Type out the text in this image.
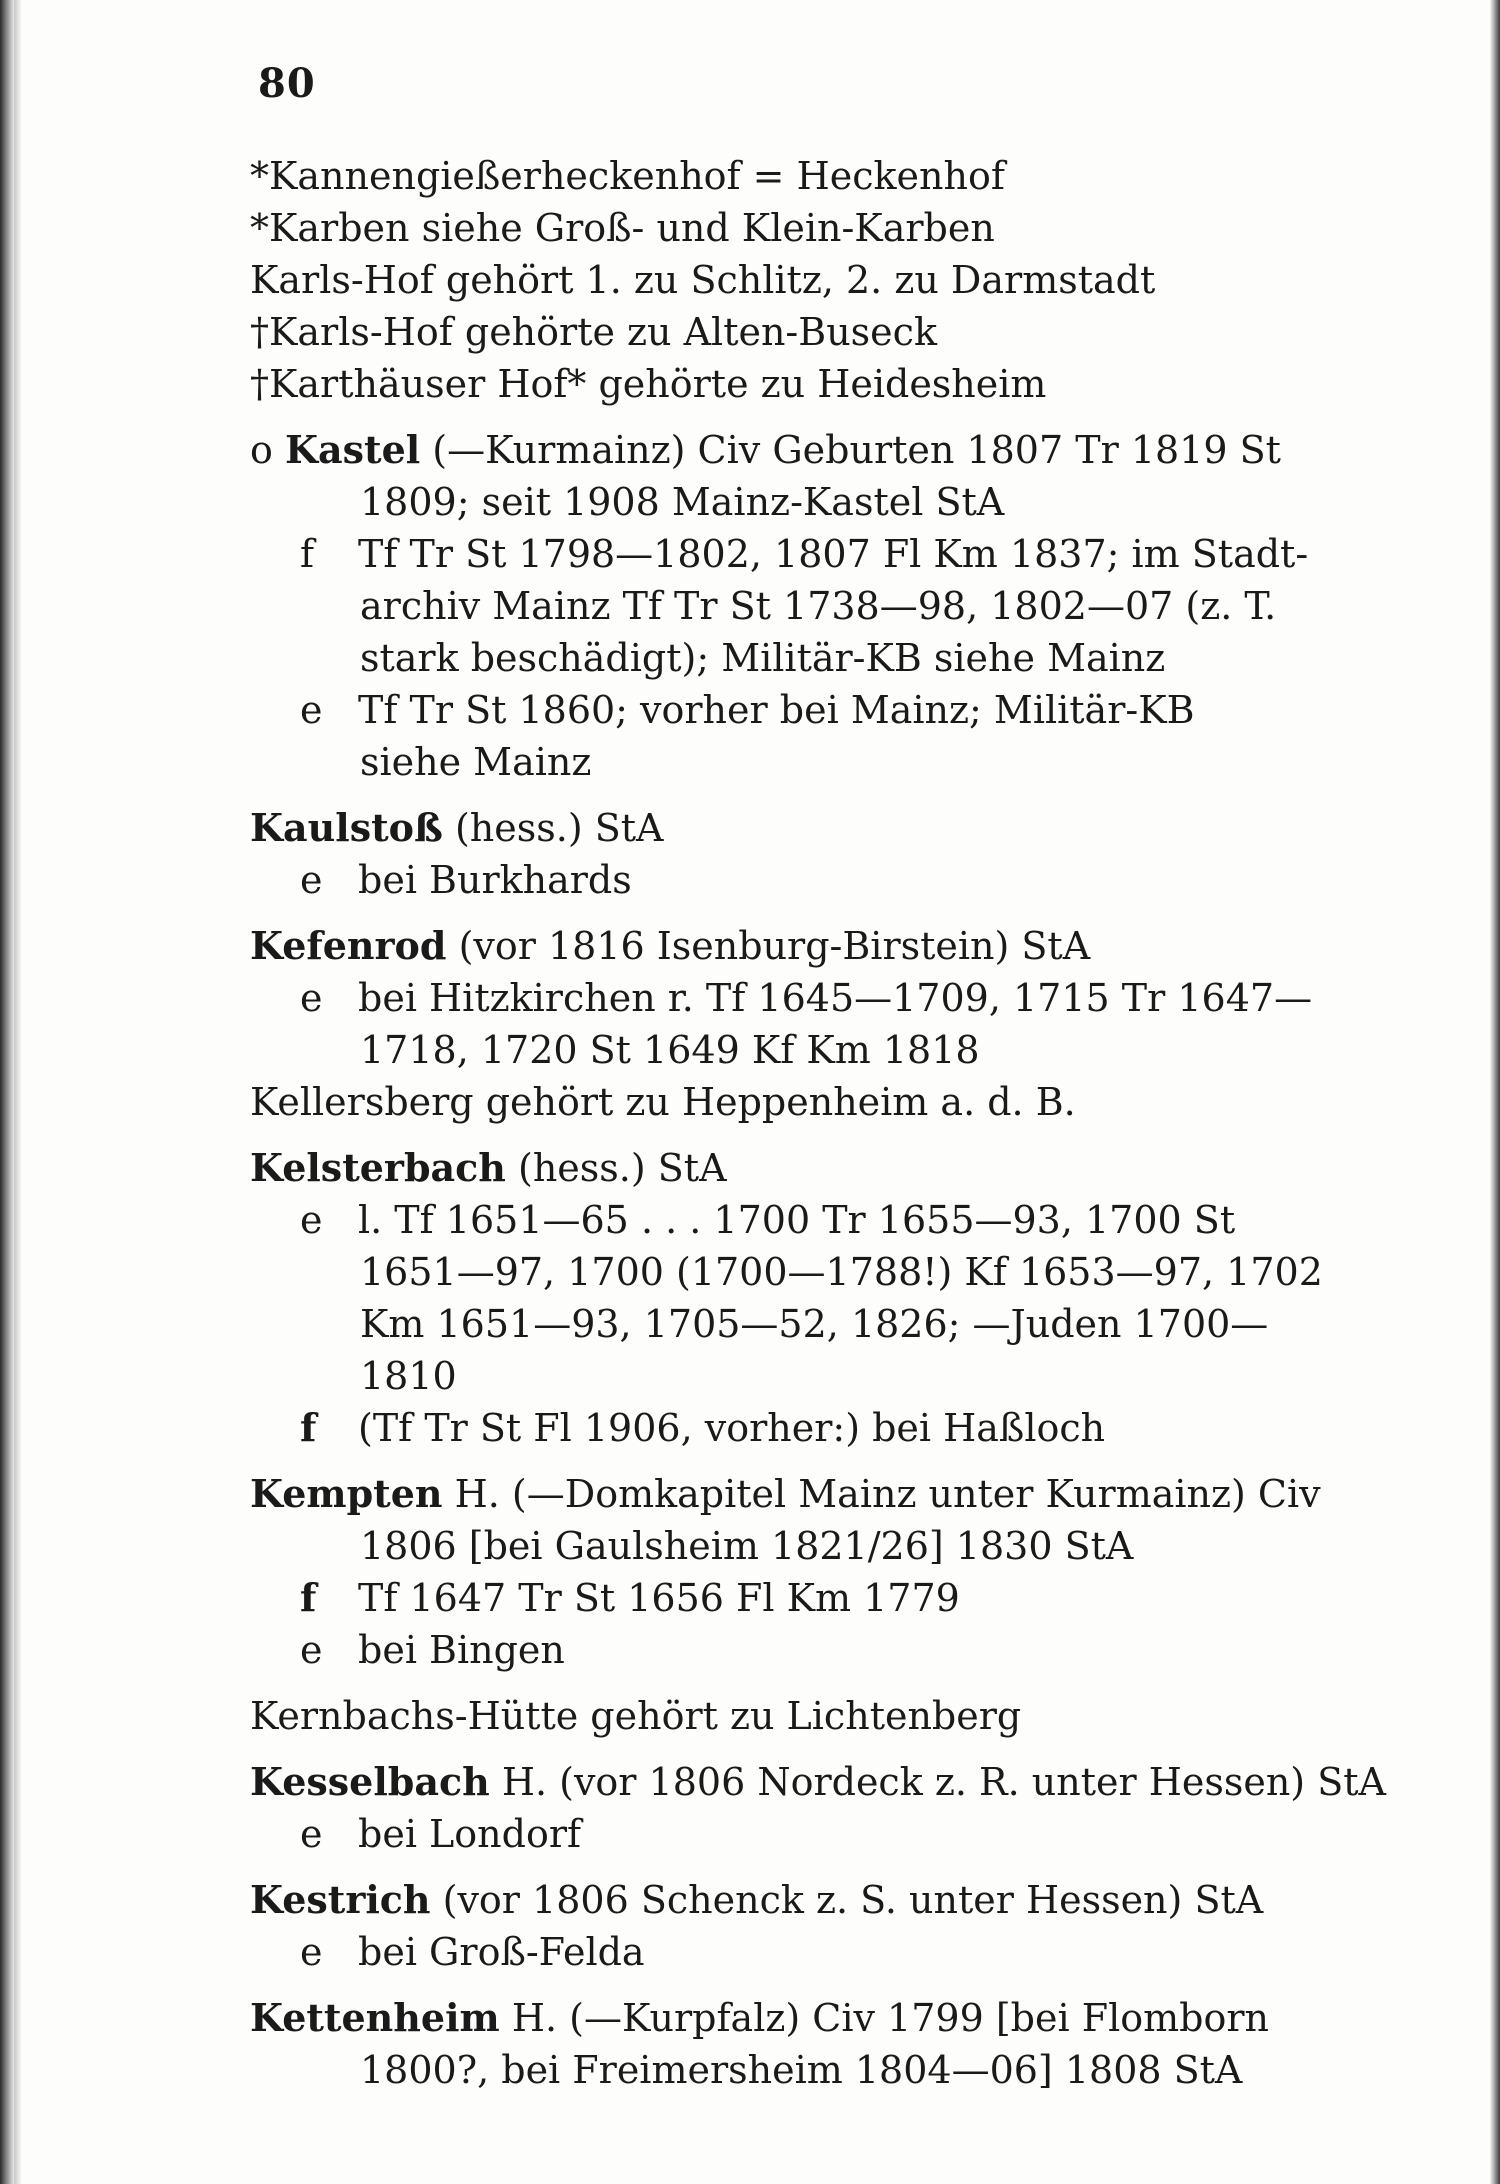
80
*Kannengießerheckenhof = Heckenhof
*Karben siehe Groß- und Klein-Karben
Karls-Hof gehört 1. zu Schlitz, 2. zu Darmstadt
†Karls-Hof gehörte zu Alten-Buseck
†Karthäuser Hof* gehörte zu Heidesheim
o Kastel (—Kurmainz) Civ Geburten 1807 Tr 1819 St
1809; seit 1908 Mainz-Kastel StA
f Tf Tr St 1798—1802, 1807 Fl Km 1837; im Stadt-
archiv Mainz Tf Tr St 1738—98, 1802—07 (z. T.
stark beschädigt); Militär-KB siehe Mainz
e Tf Tr St 1860; vorher bei Mainz; Militär-KB
siehe Mainz
Kaulstoß (hess.) StA
e bei Burkhards
Kefenrod (vor 1816 Isenburg-Birstein) StA
e bei Hitzkirchen r. Tf 1645—1709, 1715 Tr 1647—
1718, 1720 St 1649 Kf Km 1818
Kellersberg gehört zu Heppenheim a. d. B.
Kelsterbach (hess.) StA
e l. Tf 1651—65 . . . 1700 Tr 1655—93, 1700 St
1651—97, 1700 (1700—1788!) Kf 1653—97, 1702
Km 1651—93, 1705—52, 1826; —Juden 1700—
1810
f (Tf Tr St Fl 1906, vorher:) bei Haßloch
Kempten H. (—Domkapitel Mainz unter Kurmainz) Civ
1806 [bei Gaulsheim 1821/26] 1830 StA
f Tf 1647 Tr St 1656 Fl Km 1779
e bei Bingen
Kernbachs-Hütte gehört zu Lichtenberg
Kesselbach H. (vor 1806 Nordeck z. R. unter Hessen) StA
e bei Londorf
Kestrich (vor 1806 Schenck z. S. unter Hessen) StA
e bei Groß-Felda
Kettenheim H. (—Kurpfalz) Civ 1799 [bei Flomborn
1800?, bei Freimersheim 1804—06] 1808 StA
